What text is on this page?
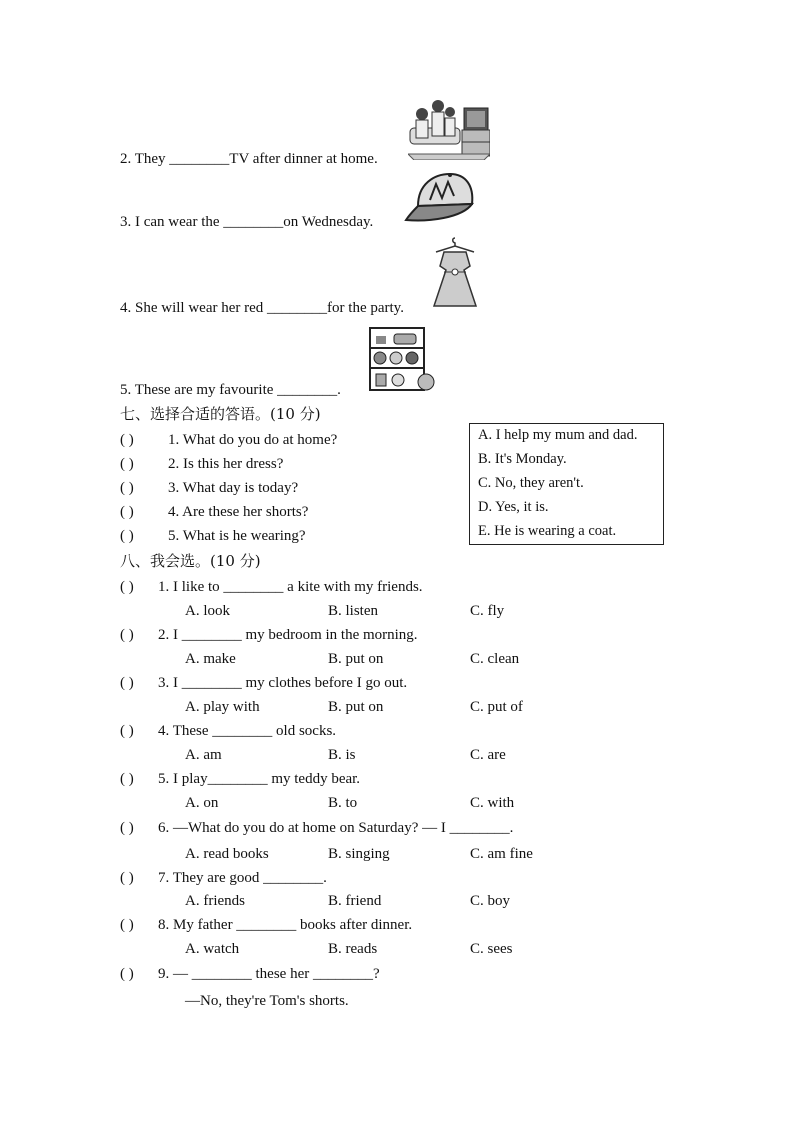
2. They ________TV after dinner at home.
3. I can wear the ________on Wednesday.
4. She will wear her red ________for the party.
5. These are my favourite ________.
七、选择合适的答语。(10 分)
( ) 1. What do you do at home?
( ) 2. Is this her dress?
( ) 3. What day is today?
( ) 4. Are these her shorts?
( ) 5. What is he wearing?
A. I help my mum and dad.
B. It's Monday.
C. No, they aren't.
D. Yes, it is.
E. He is wearing a coat.
八、我会选。(10 分)
( ) 1. I like to ________ a kite with my friends.
A. look	B. listen	C. fly
( ) 2. I ________ my bedroom in the morning.
A. make	B. put on	C. clean
( ) 3. I ________ my clothes before I go out.
A. play with	B. put on	C. put of
( ) 4. These ________ old socks.
A. am	B. is	C. are
( ) 5. I play________ my teddy bear.
A. on	B. to	C. with
( ) 6. —What do you do at home on Saturday? — I ________.
A. read books	B. singing	C. am fine
( ) 7. They are good ________.
A. friends	B. friend	C. boy
( ) 8. My father ________ books after dinner.
A. watch	B. reads	C. sees
( ) 9. — ________ these her ________?
—No, they're Tom's shorts.
